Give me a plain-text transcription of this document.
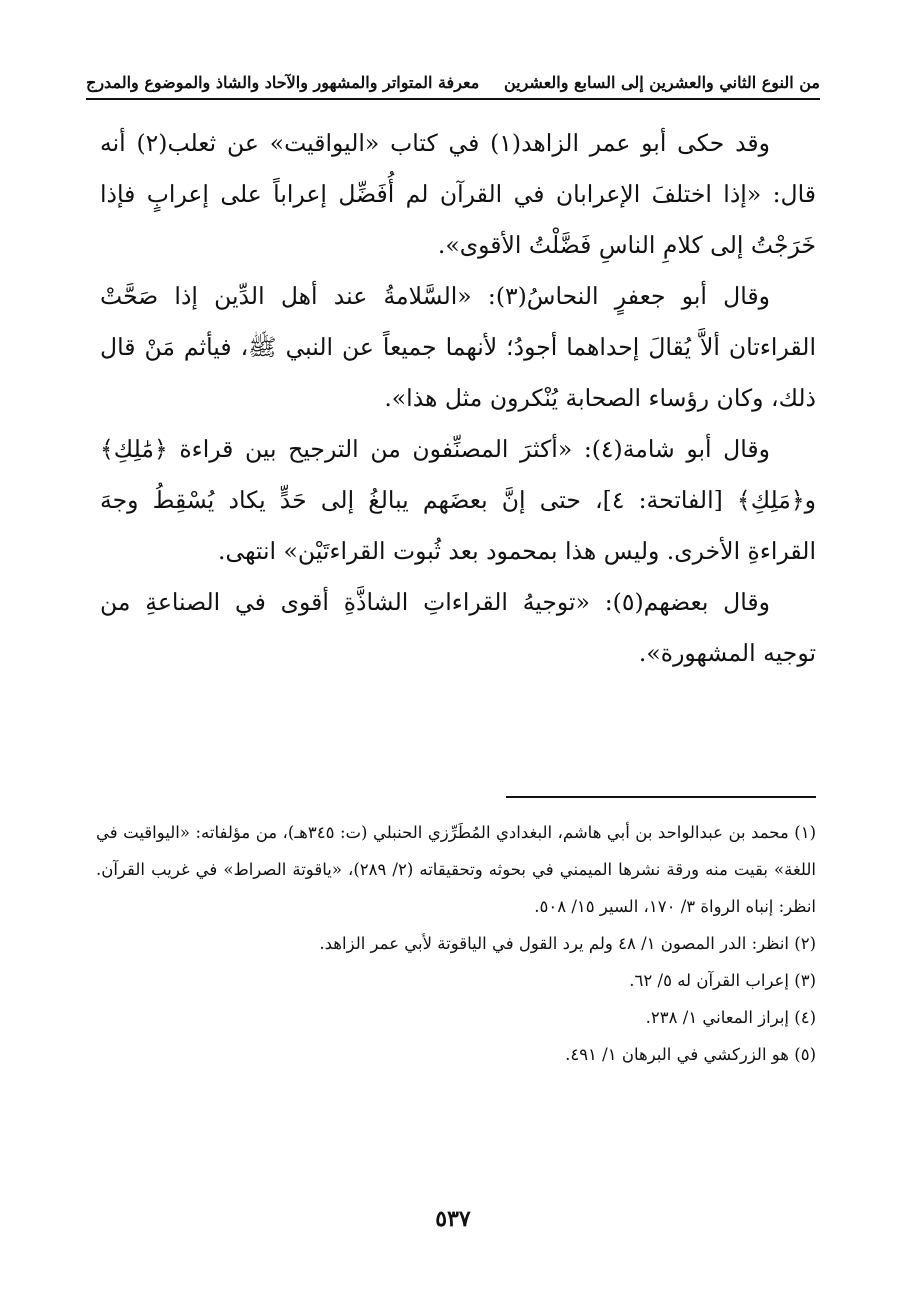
من النوع الثاني والعشرين إلى السابع والعشرين
معرفة المتواتر والمشهور والآحاد والشاذ والموضوع والمدرج

وقد حكى أبو عمر الزاهد(١) في كتاب «اليواقيت» عن ثعلب(٢) أنه قال: «إذا اختلفَ الإعرابان في القرآن لم أُفَضِّل إعراباً على إعرابٍ فإذا خَرَجْتُ إلى كلامِ الناسِ فَضَّلْتُ الأقوى».

وقال أبو جعفرٍ النحاسُ(٣): «السَّلامةُ عند أهل الدِّين إذا صَحَّتْ القراءتان ألاَّ يُقالَ إحداهما أجودُ؛ لأنهما جميعاً عن النبي ﷺ، فيأثم مَنْ قال ذلك، وكان رؤساء الصحابة يُنْكرون مثل هذا».

وقال أبو شامة(٤): «أكثرَ المصنِّفون من الترجيح بين قراءة ﴿مَٰلِكِ﴾ و﴿مَلِكِ﴾ [الفاتحة: ٤]، حتى إنَّ بعضَهم يبالغُ إلى حَدٍّ يكاد يُسْقِطُ وجهَ القراءةِ الأخرى. وليس هذا بمحمود بعد ثُبوت القراءتَيْن» انتهى.

وقال بعضهم(٥): «توجيهُ القراءاتِ الشاذَّةِ أقوى في الصناعةِ من توجيه المشهورة».

(١) محمد بن عبدالواحد بن أبي هاشم، البغدادي المُطَرِّزي الحنبلي (ت: ٣٤٥هـ)، من مؤلفاته: «اليواقيت في اللغة» بقيت منه ورقة نشرها الميمني في بحوثه وتحقيقاته (٢/ ٢٨٩)، «ياقوتة الصراط» في غريب القرآن. انظر: إنباه الرواة ٣/ ١٧٠، السير ١٥/ ٥٠٨.

(٢) انظر: الدر المصون ١/ ٤٨ ولم يرد القول في الياقوتة لأبي عمر الزاهد.

(٣) إعراب القرآن له ٥/ ٦٢.

(٤) إبراز المعاني ١/ ٢٣٨.

(٥) هو الزركشي في البرهان ١/ ٤٩١.

٥٣٧
